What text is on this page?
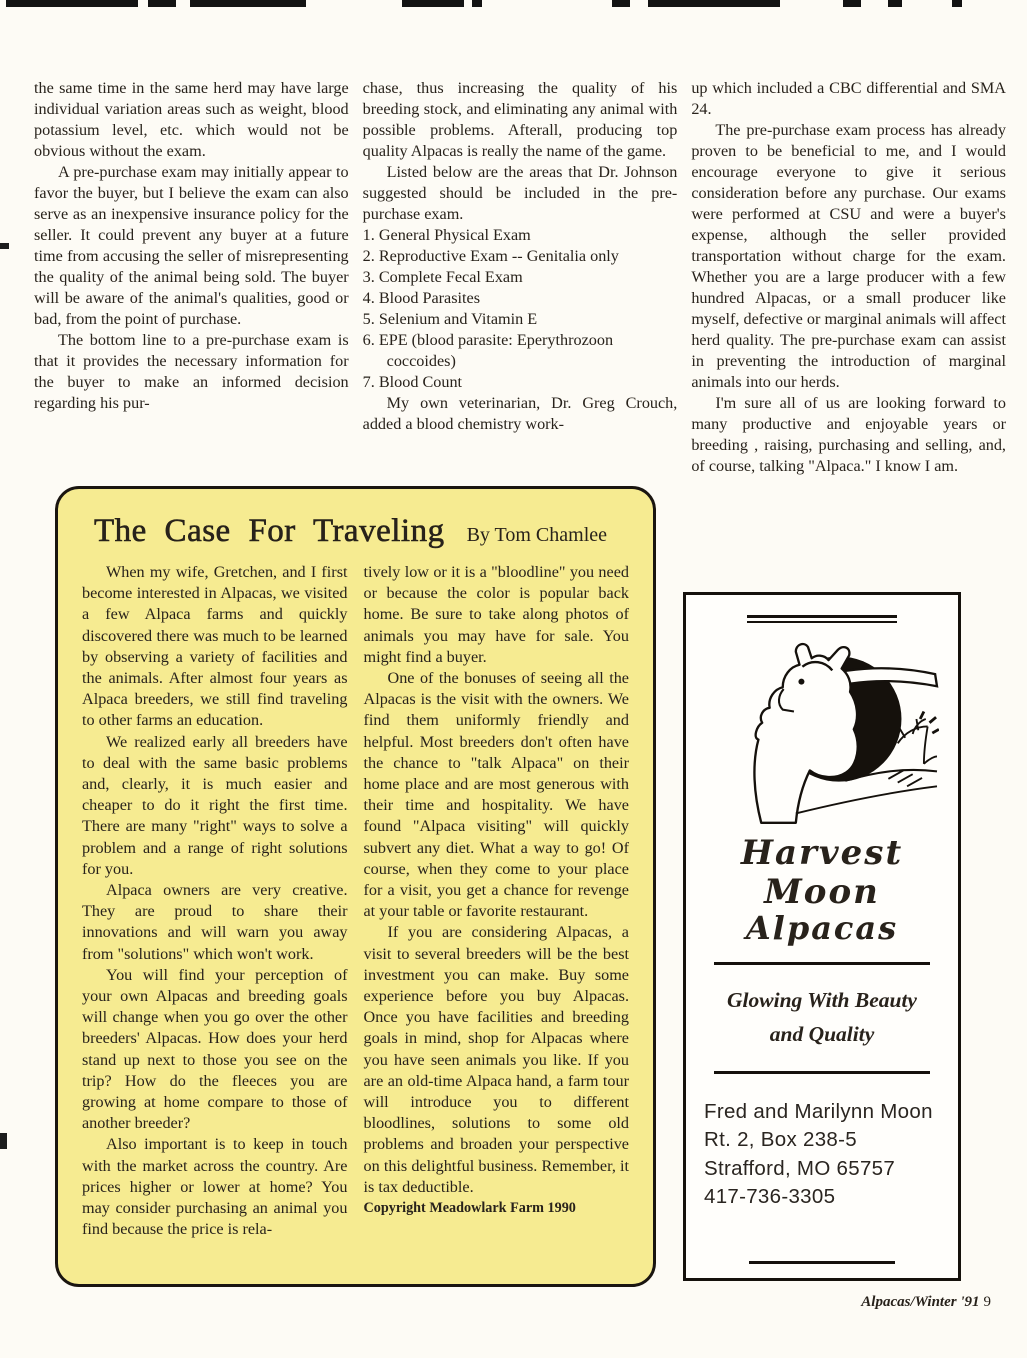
the same time in the same herd may have large individual variation areas such as weight, blood potassium level, etc. which would not be obvious without the exam.

A pre-purchase exam may initially appear to favor the buyer, but I believe the exam can also serve as an inexpensive insurance policy for the seller. It could prevent any buyer at a future time from accusing the seller of misrepresenting the quality of the animal being sold. The buyer will be aware of the animal's qualities, good or bad, from the point of purchase.

The bottom line to a pre-purchase exam is that it provides the necessary information for the buyer to make an informed decision regarding his pur-

chase, thus increasing the quality of his breeding stock, and eliminating any animal with possible problems. Afterall, producing top quality Alpacas is really the name of the game.

Listed below are the areas that Dr. Johnson suggested should be included in the pre-purchase exam.

1. General Physical Exam
2. Reproductive Exam -- Genitalia only
3. Complete Fecal Exam
4. Blood Parasites
5. Selenium and Vitamin E
6. EPE (blood parasite: Eperythrozoon coccoides)
7. Blood Count

My own veterinarian, Dr. Greg Crouch, added a blood chemistry work-

up which included a CBC differential and SMA 24.

The pre-purchase exam process has already proven to be beneficial to me, and I would encourage everyone to give it serious consideration before any purchase. Our exams were performed at CSU and were a buyer's expense, although the seller provided transportation without charge for the exam. Whether you are a large producer with a few hundred Alpacas, or a small producer like myself, defective or marginal animals will affect herd quality. The pre-purchase exam can assist in preventing the introduction of marginal animals into our herds.

I'm sure all of us are looking forward to many productive and enjoyable years or breeding , raising, purchasing and selling, and, of course, talking "Alpaca." I know I am.

The Case For Traveling By Tom Chamlee

When my wife, Gretchen, and I first become interested in Alpacas, we visited a few Alpaca farms and quickly discovered there was much to be learned by observing a variety of facilities and the animals. After almost four years as Alpaca breeders, we still find traveling to other farms an education.

We realized early all breeders have to deal with the same basic problems and, clearly, it is much easier and cheaper to do it right the first time. There are many "right" ways to solve a problem and a range of right solutions for you.

Alpaca owners are very creative. They are proud to share their innovations and will warn you away from "solutions" which won't work.

You will find your perception of your own Alpacas and breeding goals will change when you go over the other breeders' Alpacas. How does your herd stand up next to those you see on the trip? How do the fleeces you are growing at home compare to those of another breeder?

Also important is to keep in touch with the market across the country. Are prices higher or lower at home? You may consider purchasing an animal you find because the price is rela-

tively low or it is a "bloodline" you need or because the color is popular back home. Be sure to take along photos of animals you may have for sale. You might find a buyer.

One of the bonuses of seeing all the Alpacas is the visit with the owners. We find them uniformly friendly and helpful. Most breeders don't often have the chance to "talk Alpaca" on their home place and are most generous with their time and hospitality. We have found "Alpaca visiting" will quickly subvert any diet. What a way to go! Of course, when they come to your place for a visit, you get a chance for revenge at your table or favorite restaurant.

If you are considering Alpacas, a visit to several breeders will be the best investment you can make. Buy some experience before you buy Alpacas. Once you have facilities and breeding goals in mind, shop for Alpacas where you have seen animals you like. If you are an old-time Alpaca hand, a farm tour will introduce you to different bloodlines, solutions to some old problems and broaden your perspective on this delightful business. Remember, it is tax deductible.

Copyright Meadowlark Farm 1990

Harvest Moon
Alpacas
Glowing With Beauty
and Quality
Fred and Marilynn Moon
Rt. 2, Box 238-5
Strafford, MO 65757
417-736-3305
Alpacas/Winter '91 9
